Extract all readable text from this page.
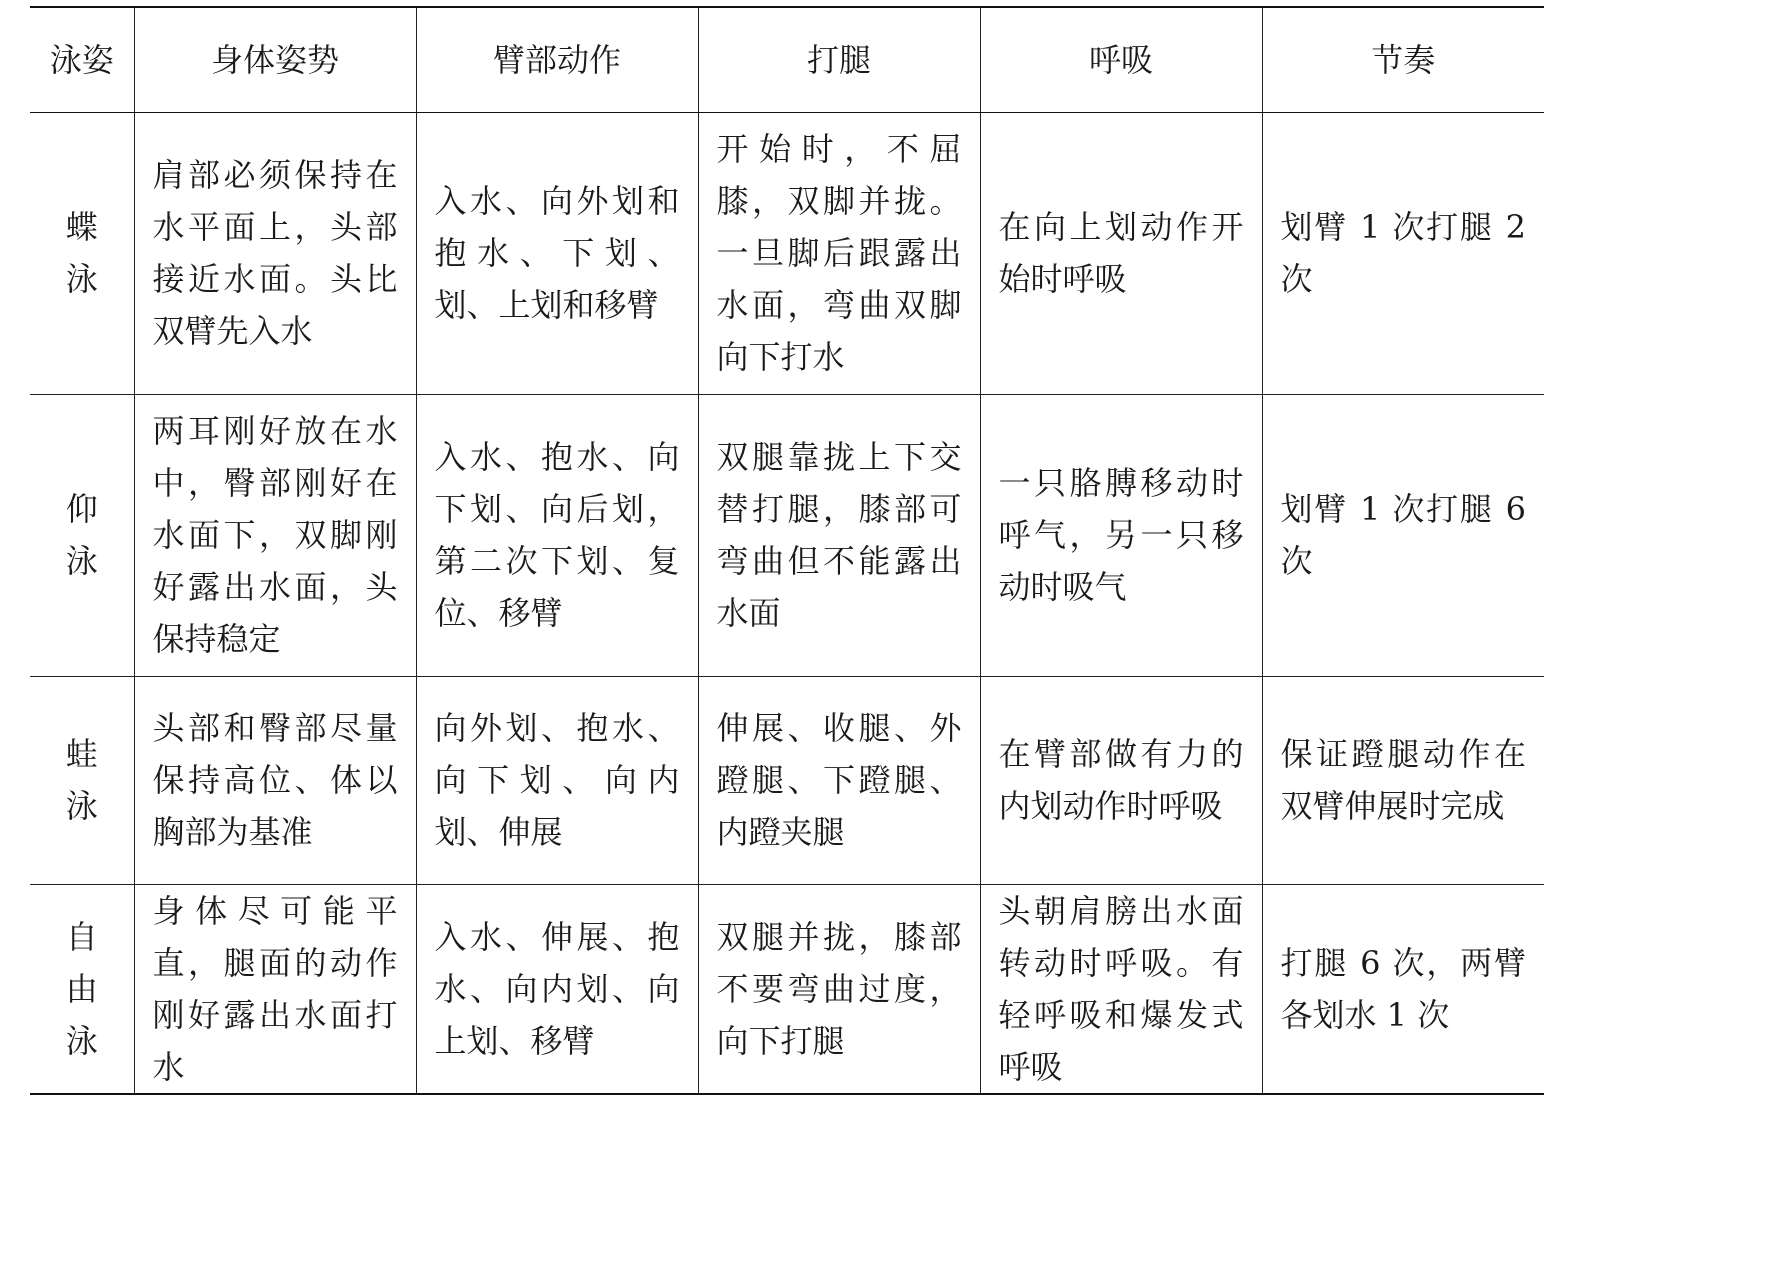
泳姿	身体姿势	臂部动作	打腿	呼吸	节奏
蝶泳	肩部必须保持在水平面上，头部接近水面。头比双臂先入水	入水、向外划和抱水、下划、划、上划和移臂	开始时，不屈膝，双脚并拢。一旦脚后跟露出水面，弯曲双脚向下打水	在向上划动作开始时呼吸	划臂 1 次打腿 2 次
仰泳	两耳刚好放在水中，臀部刚好在水面下，双脚刚好露出水面，头保持稳定	入水、抱水、向下划、向后划，第二次下划、复位、移臂	双腿靠拢上下交替打腿，膝部可弯曲但不能露出水面	一只胳膊移动时呼气，另一只移动时吸气	划臂 1 次打腿 6 次
蛙泳	头部和臀部尽量保持高位、体以胸部为基准	向外划、抱水、向下划、向内划、伸展	伸展、收腿、外蹬腿、下蹬腿、内蹬夹腿	在臂部做有力的内划动作时呼吸	保证蹬腿动作在双臂伸展时完成
自由泳	身体尽可能平直，腿面的动作刚好露出水面打水	入水、伸展、抱水、向内划、向上划、移臂	双腿并拢，膝部不要弯曲过度，向下打腿	头朝肩膀出水面转动时呼吸。有轻呼吸和爆发式呼吸	打腿 6 次，两臂各划水 1 次
